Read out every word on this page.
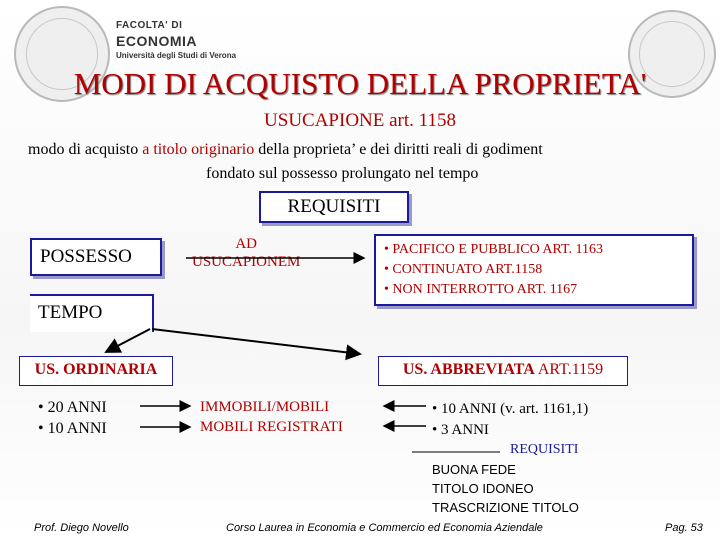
FACOLTA' DI
ECONOMIA
Università degli Studi di Verona
MODI DI ACQUISTO DELLA PROPRIETA'
USUCAPIONE art. 1158
modo di acquisto a titolo originario della proprieta’ e dei diritti reali di godiment
fondato sul possesso prolungato nel tempo
REQUISITI
POSSESSO
TEMPO
AD
USUCAPIONEM
• PACIFICO E PUBBLICO ART. 1163
• CONTINUATO ART.1158
• NON INTERROTTO ART. 1167
US. ORDINARIA	US. ABBREVIATA ART.1159
• 20 ANNI
• 10 ANNI
IMMOBILI/MOBILI
MOBILI REGISTRATI
• 10 ANNI (v. art. 1161,1)
• 3 ANNI
REQUISITI
BUONA FEDE
TITOLO IDONEO
TRASCRIZIONE TITOLO
Prof. Diego Novello	Corso Laurea in Economia e Commercio ed Economia Aziendale	Pag. 53
